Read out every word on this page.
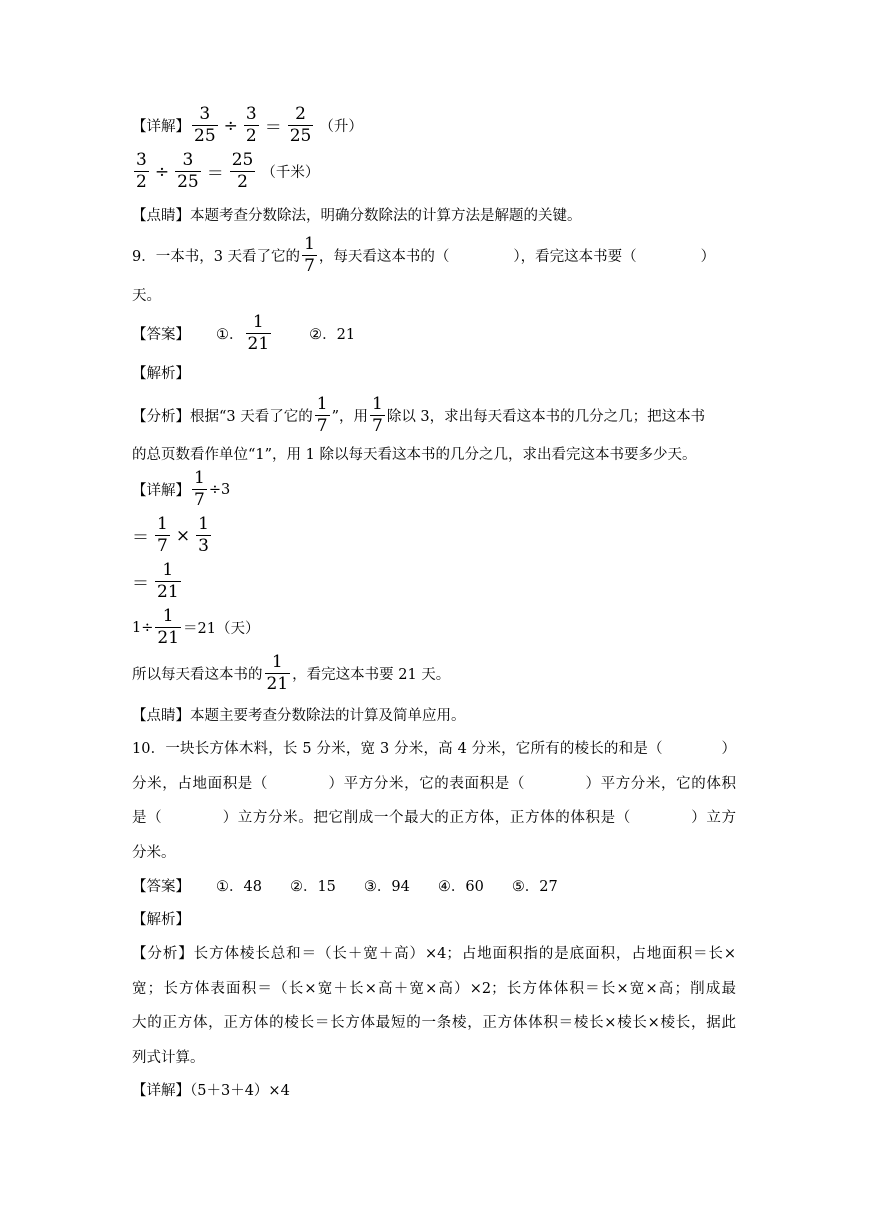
【详解】 $\frac{3}{25} \div \frac{3}{2} = \frac{2}{25}$ （升）
$\frac{3}{2} \div \frac{3}{25} = \frac{25}{2}$ （千米）
【点睛】本题考查分数除法，明确分数除法的计算方法是解题的关键。
9．一本书，3 天看了它的 $\frac{1}{7}$ ，每天看这本书的（	），看完这本书要（	）
天。
【答案】 ①． $\frac{1}{21}$	②．21
【解析】
【分析】根据“3 天看了它的 $\frac{1}{7}$ ”，用 $\frac{1}{7}$ 除以 3，求出每天看这本书的几分之几；把这本书
的总页数看作单位“1”，用 1 除以每天看这本书的几分之几，求出看完这本书要多少天。
【详解】 $\frac{1}{7} \div 3$
＝ $\frac{1}{7} \times \frac{1}{3}$
＝ $\frac{1}{21}$
$1\div \frac{1}{21} =21$（天）
所以每天看这本书的 $\frac{1}{21}$ ，看完这本书要 21 天。
【点睛】本题主要考查分数除法的计算及简单应用。
10．一块长方体木料，长 5 分米，宽 3 分米，高 4 分米，它所有的棱长的和是（　　　　）
分米，占地面积是（　　　　）平方分米，它的表面积是（　　　　）平方分米，它的体积
是（　　　　）立方分米。把它削成一个最大的正方体，正方体的体积是（　　　　）立方
分米。
【答案】 ①．48 ②．15 ③．94 ④．60 ⑤．27
【解析】
【分析】长方体棱长总和＝（长＋宽＋高）×4；占地面积指的是底面积，占地面积＝长×
宽；长方体表面积＝（长×宽＋长×高＋宽×高）×2；长方体体积＝长×宽×高；削成最
大的正方体，正方体的棱长＝长方体最短的一条棱，正方体体积＝棱长×棱长×棱长，据此
列式计算。
【详解】（5＋3＋4）×4
